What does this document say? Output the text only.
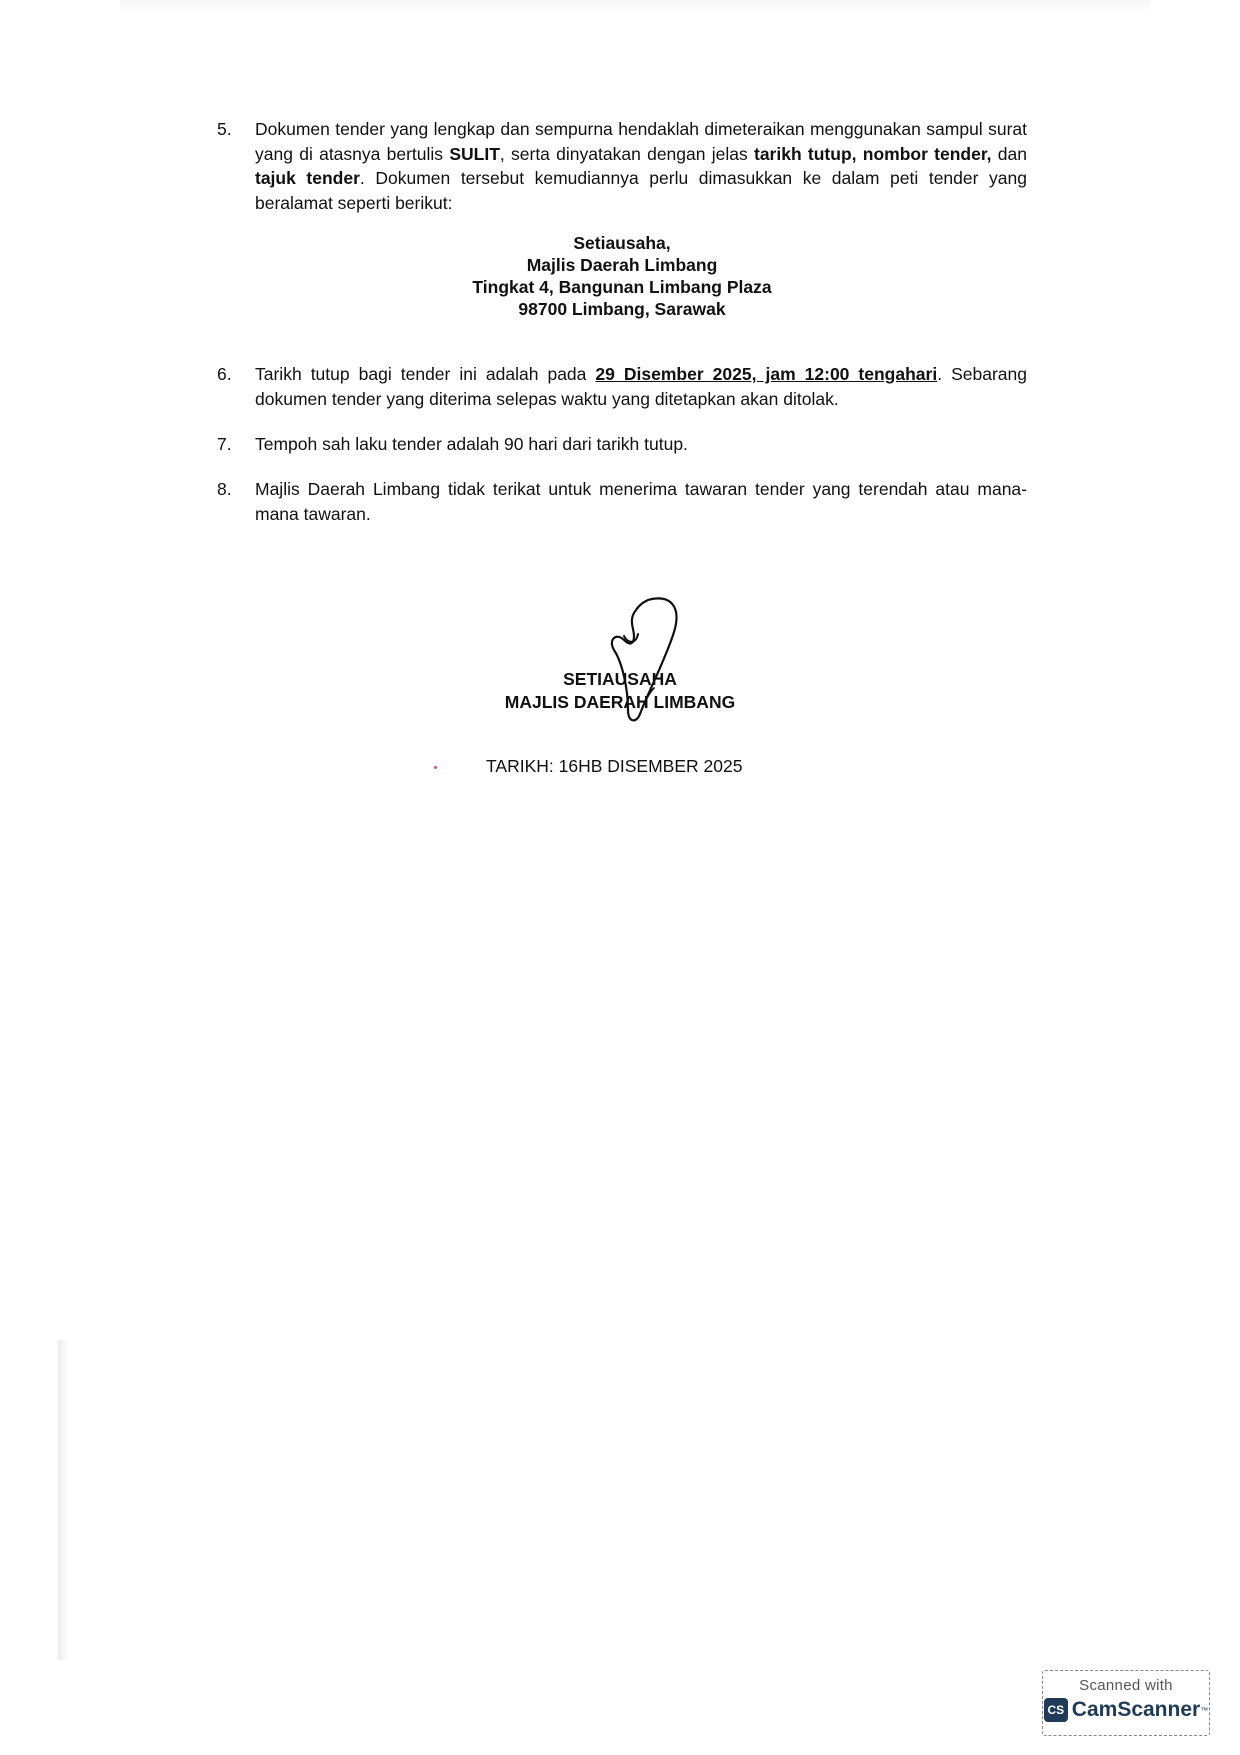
5.	Dokumen tender yang lengkap dan sempurna hendaklah dimeteraikan menggunakan sampul surat yang di atasnya bertulis SULIT, serta dinyatakan dengan jelas tarikh tutup, nombor tender, dan tajuk tender. Dokumen tersebut kemudiannya perlu dimasukkan ke dalam peti tender yang beralamat seperti berikut:
Setiausaha,
Majlis Daerah Limbang
Tingkat 4, Bangunan Limbang Plaza
98700 Limbang, Sarawak
6.	Tarikh tutup bagi tender ini adalah pada 29 Disember 2025, jam 12:00 tengahari. Sebarang dokumen tender yang diterima selepas waktu yang ditetapkan akan ditolak.
7.	Tempoh sah laku tender adalah 90 hari dari tarikh tutup.
8.	Majlis Daerah Limbang tidak terikat untuk menerima tawaran tender yang terendah atau mana-mana tawaran.
SETIAUSAHA
MAJLIS DAERAH LIMBANG
TARIKH: 16HB DISEMBER 2025
Scanned with
CS CamScanner ™
